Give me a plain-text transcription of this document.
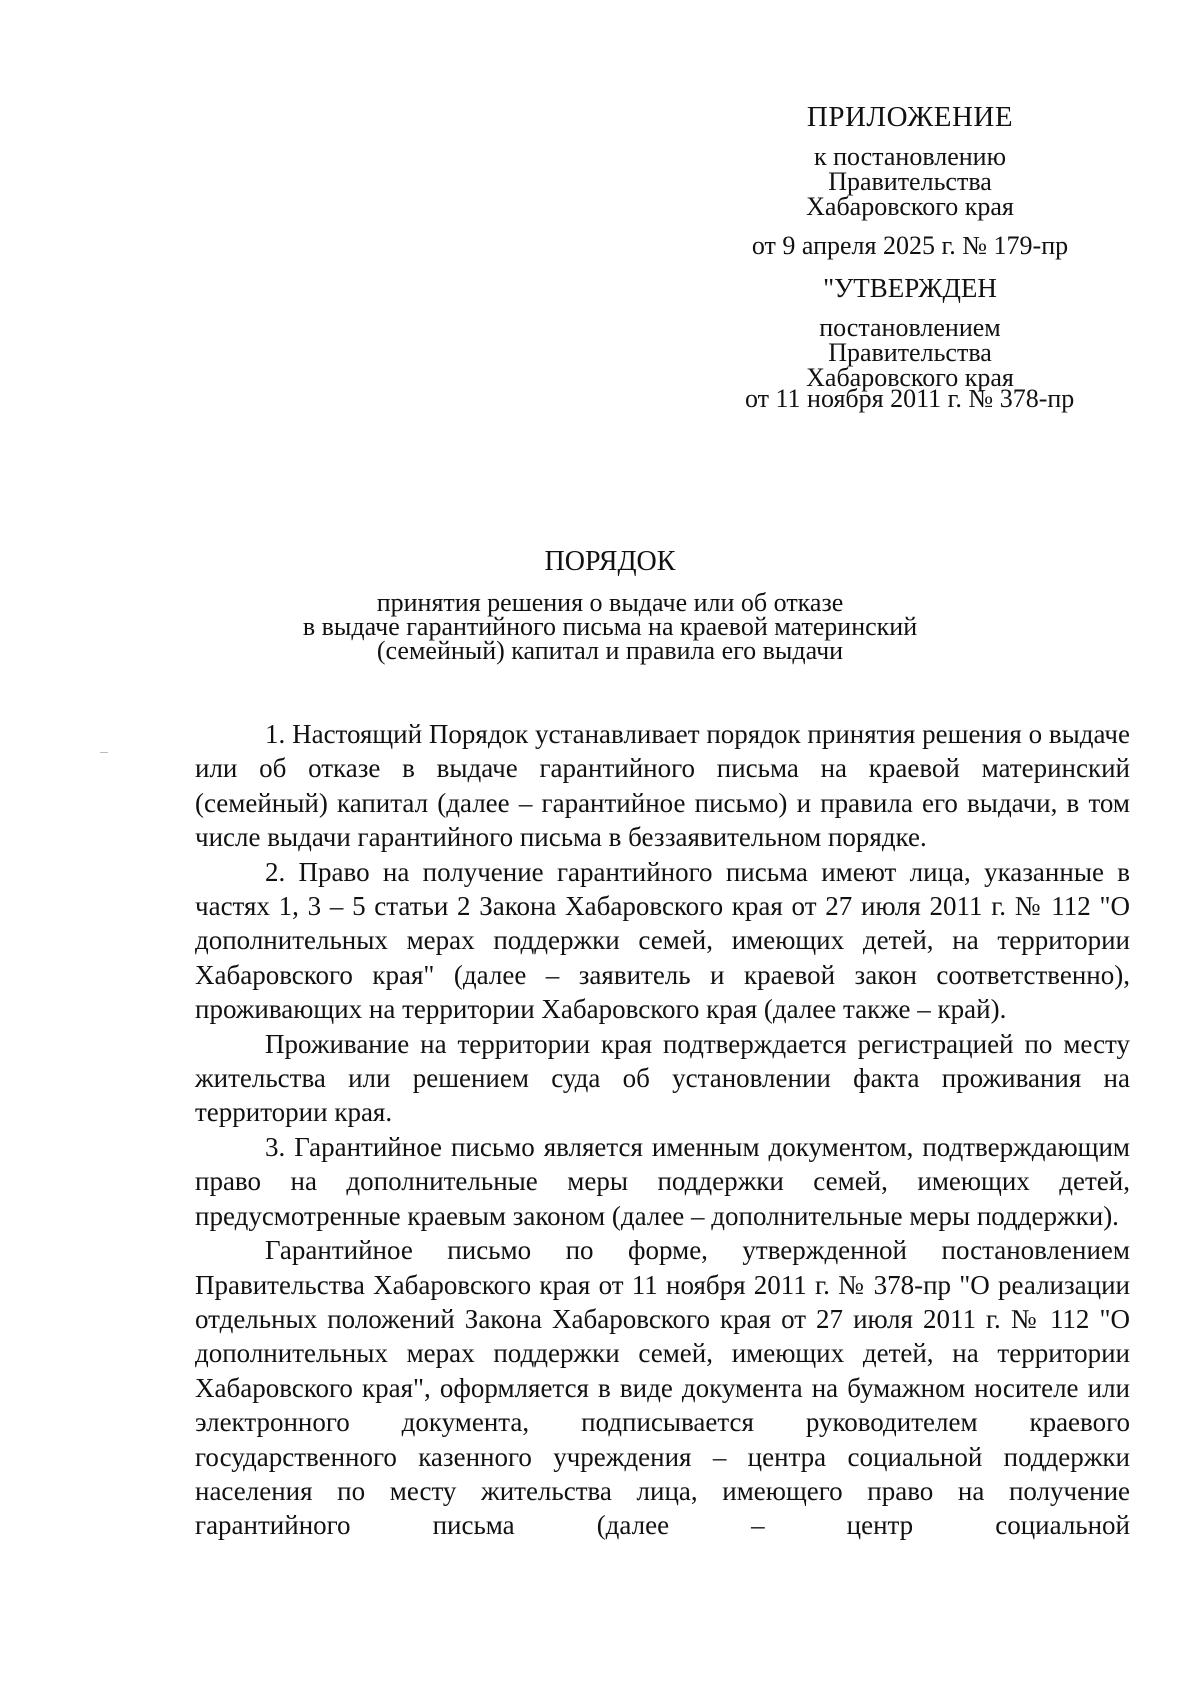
ПРИЛОЖЕНИЕ
к постановлению
Правительства
Хабаровского края
от 9 апреля 2025 г. № 179-пр
"УТВЕРЖДЕН
постановлением
Правительства
Хабаровского края
от 11 ноября 2011 г. № 378-пр
ПОРЯДОК
принятия решения о выдаче или об отказе
в выдаче гарантийного письма на краевой материнский
(семейный) капитал и правила его выдачи

1. Настоящий Порядок устанавливает порядок принятия решения о выдаче или об отказе в выдаче гарантийного письма на краевой материнский (семейный) капитал (далее – гарантийное письмо) и правила его выдачи, в том числе выдачи гарантийного письма в беззаявительном порядке.

2. Право на получение гарантийного письма имеют лица, указанные в частях 1, 3 – 5 статьи 2 Закона Хабаровского края от 27 июля 2011 г. № 112 "О дополнительных мерах поддержки семей, имеющих детей, на территории Хабаровского края" (далее – заявитель и краевой закон соответственно), проживающих на территории Хабаровского края (далее также – край).

Проживание на территории края подтверждается регистрацией по месту жительства или решением суда об установлении факта проживания на территории края.

3. Гарантийное письмо является именным документом, подтверждающим право на дополнительные меры поддержки семей, имеющих детей, предусмотренные краевым законом (далее – дополнительные меры поддержки).

Гарантийное письмо по форме, утвержденной постановлением Правительства Хабаровского края от 11 ноября 2011 г. № 378-пр "О реализации отдельных положений Закона Хабаровского края от 27 июля 2011 г. № 112 "О дополнительных мерах поддержки семей, имеющих детей, на территории Хабаровского края", оформляется в виде документа на бумажном носителе или электронного документа, подписывается руководителем краевого государственного казенного учреждения – центра социальной поддержки населения по месту жительства лица, имеющего право на получение гарантийного письма (далее – центр социальной
